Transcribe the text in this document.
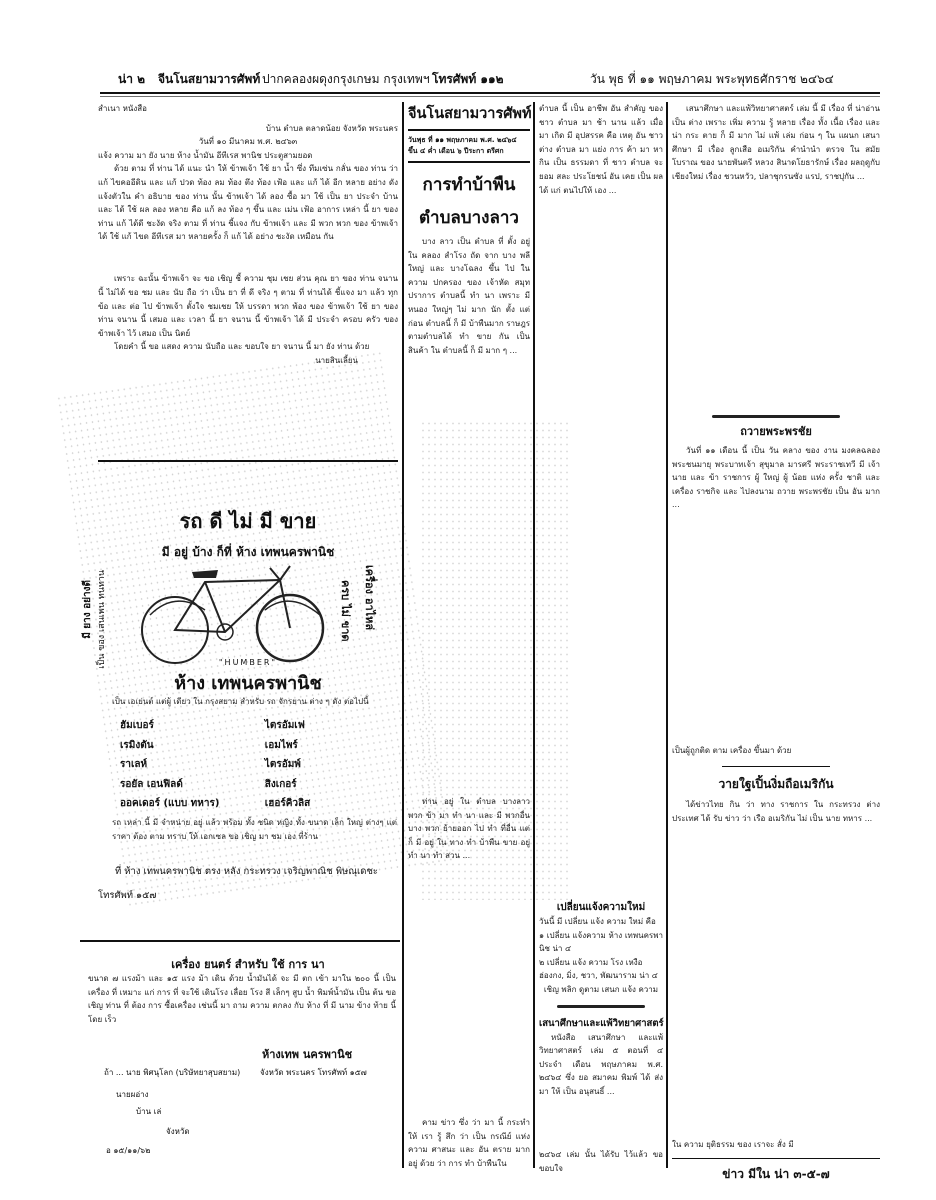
น่า ๒ จีนโนสยามวารศัพท์ ปากคลองผดุงกรุงเกษม กรุงเทพฯ โทรศัพท์ ๑๑๒	วัน พุธ ที่ ๑๑ พฤษภาคม พระพุทธศักราช ๒๔๖๔
สำเนา หนังสือ
บ้าน ตำบล ตลาดน้อย จังหวัด พระนคร
วันที่ ๑๐ มีนาคม พ.ศ. ๒๔๖๓
แจ้ง ความ มา ยัง นาย ห้าง น้ำมัน อีทีเรส พานิช ประตูสามยอด
ด้วย ตาม ที่ ท่าน ได้ แนะ นำ ให้ ข้าพเจ้า ใช้ ยา น้ำ ซึ่ง ทีมเซ่น กลั่น ของ ท่าน ว่า แก้ ไขคออีดิน และ แก้ ปวด ท้อง ลม ท้อง ตึง ท้อง เฟ้อ และ แก้ ได้ อีก หลาย อย่าง ดังแจ้งตัวใน คำ อธิบาย ของ ท่าน นั้น ข้าพเจ้า ได้ ลอง ซื้อ มา ใช้ เป็น ยา ประจำ บ้าน และ ได้ ใช้ ผล ลอง หลาย คือ แก้ ลง ท้อง ๆ ขึ้น และ เม่น เฟ้อ อาการ เหล่า นี้ ยา ของ ท่าน แก้ ได้ดี ชะงัด จริง ตาม ที่ ท่าน ชี้แจง กับ ข้าพเจ้า และ มี พวก พวก ของ ข้าพเจ้า ได้ ใช้ แก้ ไขด อีทีเรส มา หลายครั้ง ก็ แก้ ได้ อย่าง ชะงัด เหมือน กัน
เพราะ ฉะนั้น ข้าพเจ้า จะ ขอ เชิญ ชี้ ความ ชุม เชย ส่วน คุณ ยา ของ ท่าน จนาน นี้ ไม่ได้ ขอ ชม และ นับ ถือ ว่า เป็น ยา ที่ ดี จริง ๆ ตาม ที่ ท่านได้ ชี้แจง มา แล้ว ทุก ข้อ และ ต่อ ไป ข้าพเจ้า ตั้งใจ ชมเชย ให้ บรรดา พวก พ้อง ของ ข้าพเจ้า ใช้ ยา ของ ท่าน จนาน นี้ เสมอ และ เวลา นี้ ยา จนาน นี้ ข้าพเจ้า ได้ มี ประจำ ครอบ ครัว ของ ข้าพเจ้า ไว้ เสมอ เป็น นิตย์
โดยคำ นี้ ขอ แสดง ความ นับถือ และ ขอบใจ ยา จนาน นี้ มา ยัง ท่าน ด้วย
นายสินเลี้ยน
รถ ดี ไม่ มี ขาย
มี อยู่ บ้าง ก็ที่ ห้าง เทพนครพานิช
มี ยาง อย่างดี เป็น ของ เสนเพน ทนทาน	เครื่อง อาไหล่
ครบ ไม่ ขาด
"HUMBER"
ห้าง เทพนครพานิช
เป็น เอเย่นต์ แต่ผู้ เดียว ใน กรุงสยาม สำหรับ รถ จักรยาน ต่าง ๆ ดัง ต่อไปนี้
ฮัมเบอร์
เรมิงตัน
ราเลห์
รอยัล เอนฟิลด์
ออคเดอร์ (แบบ ทหาร)
ไตรอัมเฟ
เอมไพร์
ไตรอัมพ์
สิงเกอร์
เฮอร์คิวลิส
รถ เหล่า นี้ มี จำหน่าย อยู่ แล้ว พร้อม ทั้ง ชนิด หญิง ทั้ง ขนาด เล็ก ใหญ่ ต่างๆ แต่ ราคา ต้อง ตาม ทราบ ให้ เอกเซล ขอ เชิญ มา ชม เอง ที่ร้าน
ที่ ห้าง เทพนครพานิช ตรง หลัง กระทรวง เจริญพาณิช พิษณุเดชะ
โทรศัพท์ ๑๕๗
เครื่อง ยนตร์ สำหรับ ใช้ การ นา
ขนาด ๗ แรงม้า และ ๑๕ แรง ม้า เดิน ด้วย น้ำมันได้ จะ มี ตก เข้า มาใน ๒๐๐ นี้ เป็น เครื่อง ที่ เหมาะ แก่ การ ที่ จะใช้ เดินโรง เลื่อย โรง สี เล็กๆ สูบ น้ำ พิมพ์น้ำมัน เป็น ต้น ขอ เชิญ ท่าน ที่ ต้อง การ ซื้อเครื่อง เช่นนี้ มา ถาม ความ ตกลง กับ ห้าง ที่ มี นาม ข้าง ท้าย นี้ โดย เร็ว
ห้างเทพ นครพานิช
ถ้า ... นาย พิศนุโลก (บริษัทยาสุบสยาม) จังหวัด พระนคร โทรศัพท์ ๑๕๗
นายผอ่าง
บ้าน เล่
จังหวัด
อ ๑๕/๑๑/๖๒
จีนโนสยามวารศัพท์
วันพุธ ที่ ๑๑ พฤษภาคม พ.ศ. ๒๔๖๔
ขึ้น ๔ ค่ำ เดือน ๖ ปีระกา ตรีศก
การทำบ้าพืน
ตำบลบางลาว
บาง ลาว เป็น ตำบล ที่ ตั้ง อยู่ ใน คลอง สำโรง ถัด จาก บาง พลีใหญ่ และ บางโฉลง ขึ้น ไป ใน ความ ปกครอง ของ เจ้าหัด สมุทปราการ ตำบลนี้ ทำ นา เพราะ มี หนอง ใหญ่ๆ ไม่ มาก นัก ตั้ง แต่ ก่อน ตำบลนี้ ก็ มี บ้าพืนมาก ราษฎร ตามตำบลได้ ทำ ขาย กัน เป็น สินค้า ใน ตำบลนี้ ก็ มี มาก ๆ ...
ท่าน อยู่ ใน ตำบล บางลาว พวก ข้า มา ทำ นา และ มี พวกอื่น บาง พวก ย้ายออก ไป ทำ ที่อื่น แต่ ก็ มี อยู่ ใน ทาง ทำ บ้าพืน ขาย อยู่ ทำ นา ทำ สวน ...
คาม ข่าว ซึ่ง ว่า มา นี้ กระทำ ให้ เรา รู้ สึก ว่า เป็น กรณีย์ แห่ง ความ ศาสนะ และ อัน ตราย มาก อยู่ ด้วย ว่า การ ทำ บ้าพืนใน
ตำบล นี้ เป็น อาชีพ อัน สำคัญ ของ ชาว ตำบล มา ช้า นาน แล้ว เมื่อ มา เกิด มี อุปสรรค คือ เหตุ อัน ชาว ต่าง ตำบล มา แย่ง การ ค้า มา หา กิน เป็น ธรรมดา ที่ ชาว ตำบล จะ ยอม สละ ประโยชน์ อัน เคย เป็น ผลได้ แก่ ตนไปให้ เอง ...
เปลี่ยนแจ้งความใหม่
วันนี้ มี เปลี่ยน แจ้ง ความ ใหม่ คือ
๑ เปลี่ยน แจ้งความ ห้าง เทพนครพานิช น่า ๔
๒ เปลี่ยน แจ้ง ความ โรง เหงือ
ฮ่องกง, มิ่ง, ชวา, พัฒนาราม น่า ๔
เชิญ พลิก ดูตาม เสนก แจ้ง ความ
เสนาศึกษาและแพ้วิทยาศาสตร์
หนังสือ เสนาศึกษา และแพ้วิทยาศาสตร์ เล่ม ๕ ตอนที่ ๔ ประจำ เดือน พฤษภาคม พ.ศ. ๒๔๖๔ ซึ่ง ยอ สมาคม พิมพ์ ได้ ส่ง มา ให้ เป็น อนุสนธิ์ ...
๒๔๖๔ เล่ม นั้น ได้รับ ไว้แล้ว ขอ ขอบใจ
เสนาศึกษา และแพ้วิทยาศาสตร์ เล่ม นี้ มี เรื่อง ที่ น่าอ่าน เป็น ต่าง เพราะ เพิ่ม ความ รู้ หลาย เรื่อง ทั้ง เนื้อ เรื่อง และ น่า กระ ตาย ก็ มี มาก ไม่ แพ้ เล่ม ก่อน ๆ ใน แผนก เสนาศึกษา มี เรื่อง ลูกเสือ อเมริกัน คำนำนำ ตรวจ ใน สมัยโบราณ ของ นายพันตรี หลวง สินาดโยธารักษ์ เรื่อง ผลฤดูกับ เชียงใหม่ เรื่อง ชวนหวัว, ปลาชุกรนซัง แรป, ราชปุกัน ...
ถวายพระพรชัย
วันที่ ๑๑ เดือน นี้ เป็น วัน คลาง ของ งาน มงคลฉลอง พระชนมายุ พระบาทเจ้า สุขุมาล มารศรี พระราชเทวี มี เจ้านาย และ ข้า ราชการ ผู้ ใหญ่ ผู้ น้อย แห่ง ครั้ง ชาติ และ เครื่อง ราชกิจ และ ไปลงนาม ถวาย พระพรชัย เป็น อัน มาก ...
เป็นผู้ถูกติด ตาม เครื่อง ขึ้นมา ด้วย
วายใฐเปิ้นงิ่มถือเมริกัน
ได้ข่าวไทย กิน ว่า ทาง ราชการ ใน กระทรวง ต่าง ประเทศ ได้ รับ ข่าว ว่า เรือ อเมริกัน ไม่ เป็น นาย ทหาร ...
ใน ความ ยุติธรรม ของ เราจะ สั่ง มี
ข่าว มีใน น่า ๓-๕-๗
